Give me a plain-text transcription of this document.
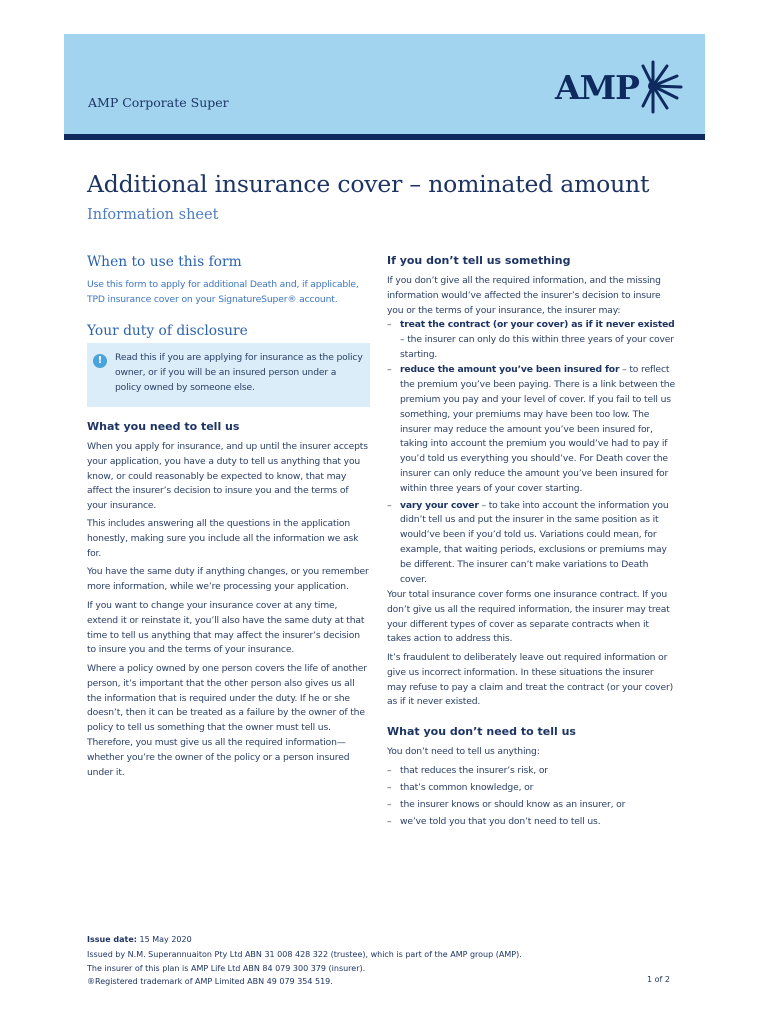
AMP Corporate Super	AMP
Additional insurance cover – nominated amount
Information sheet
When to use this form
Use this form to apply for additional Death and, if applicable, TPD insurance cover on your SignatureSuper® account.
Your duty of disclosure
!	Read this if you are applying for insurance as the policy owner, or if you will be an insured person under a policy owned by someone else.
What you need to tell us
When you apply for insurance, and up until the insurer accepts your application, you have a duty to tell us anything that you know, or could reasonably be expected to know, that may affect the insurer’s decision to insure you and the terms of your insurance.
This includes answering all the questions in the application honestly, making sure you include all the information we ask for.
You have the same duty if anything changes, or you remember more information, while we’re processing your application.
If you want to change your insurance cover at any time, extend it or reinstate it, you’ll also have the same duty at that time to tell us anything that may affect the insurer’s decision to insure you and the terms of your insurance.
Where a policy owned by one person covers the life of another person, it’s important that the other person also gives us all the information that is required under the duty. If he or she doesn’t, then it can be treated as a failure by the owner of the policy to tell us something that the owner must tell us. Therefore, you must give us all the required information—whether you’re the owner of the policy or a person insured under it.
If you don’t tell us something
If you don’t give all the required information, and the missing information would’ve affected the insurer’s decision to insure you or the terms of your insurance, the insurer may:
– treat the contract (or your cover) as if it never existed – the insurer can only do this within three years of your cover starting.
– reduce the amount you’ve been insured for – to reflect the premium you’ve been paying. There is a link between the premium you pay and your level of cover. If you fail to tell us something, your premiums may have been too low. The insurer may reduce the amount you’ve been insured for, taking into account the premium you would’ve had to pay if you’d told us everything you should’ve. For Death cover the insurer can only reduce the amount you’ve been insured for within three years of your cover starting.
– vary your cover – to take into account the information you didn’t tell us and put the insurer in the same position as it would’ve been if you’d told us. Variations could mean, for example, that waiting periods, exclusions or premiums may be different. The insurer can’t make variations to Death cover.
Your total insurance cover forms one insurance contract. If you don’t give us all the required information, the insurer may treat your different types of cover as separate contracts when it takes action to address this.
It’s fraudulent to deliberately leave out required information or give us incorrect information. In these situations the insurer may refuse to pay a claim and treat the contract (or your cover) as if it never existed.
What you don’t need to tell us
You don’t need to tell us anything:
– that reduces the insurer’s risk, or
– that’s common knowledge, or
– the insurer knows or should know as an insurer, or
– we’ve told you that you don’t need to tell us.
Issue date: 15 May 2020
Issued by N.M. Superannuaiton Pty Ltd ABN 31 008 428 322 (trustee), which is part of the AMP group (AMP).
The insurer of this plan is AMP Life Ltd ABN 84 079 300 379 (insurer).
®Registered trademark of AMP Limited ABN 49 079 354 519.	1 of 2
